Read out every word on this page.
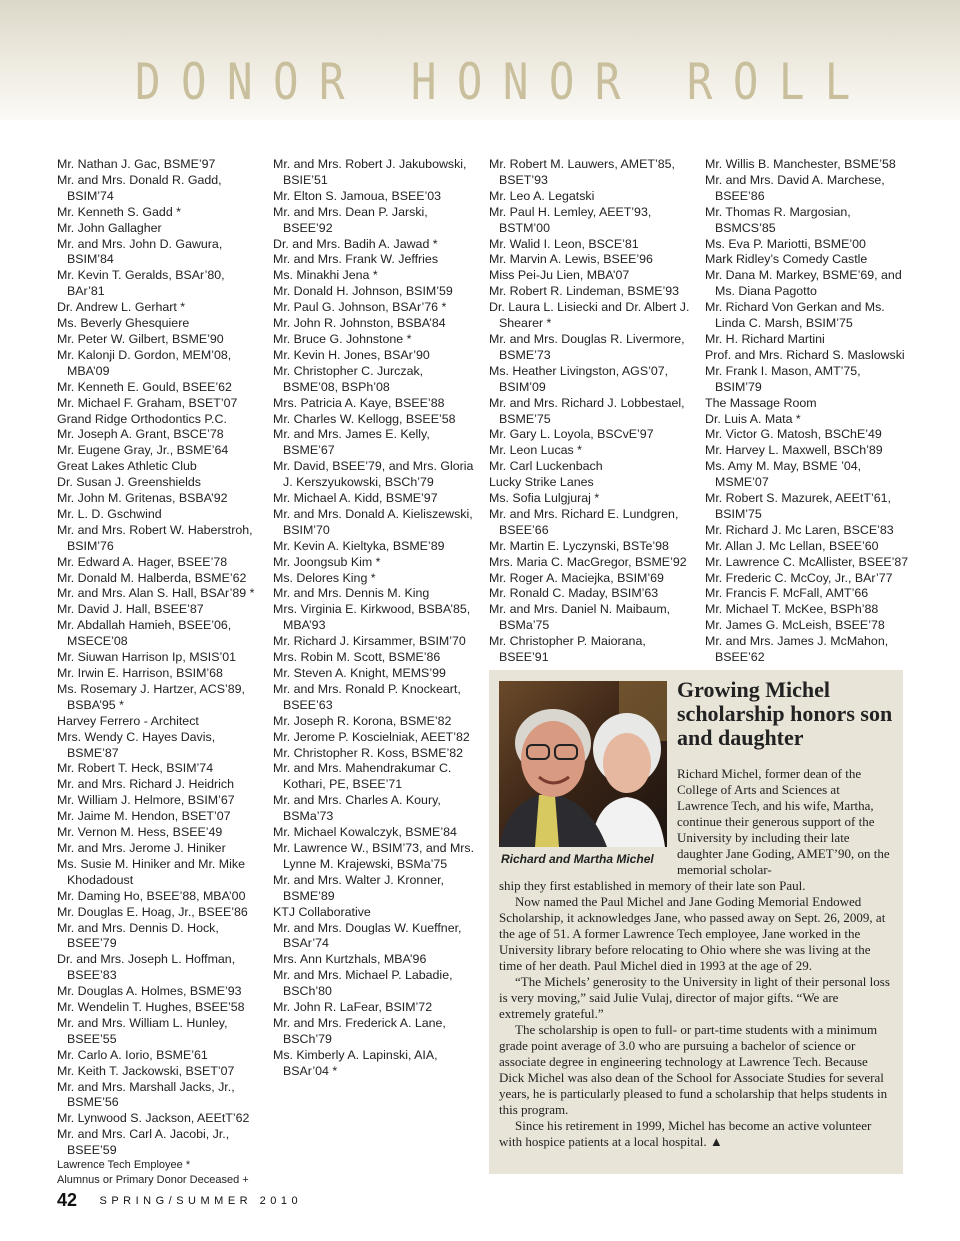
DONOR HONOR ROLL
Mr. Nathan J. Gac, BSME’97
Mr. and Mrs. Donald R. Gadd, BSIM’74
Mr. Kenneth S. Gadd *
Mr. John Gallagher
Mr. and Mrs. John D. Gawura, BSIM’84
Mr. Kevin T. Geralds, BSAr’80, BAr’81
Dr. Andrew L. Gerhart *
Ms. Beverly Ghesquiere
Mr. Peter W. Gilbert, BSME’90
Mr. Kalonji D. Gordon, MEM’08, MBA’09
Mr. Kenneth E. Gould, BSEE’62
Mr. Michael F. Graham, BSET’07
Grand Ridge Orthodontics P.C.
Mr. Joseph A. Grant, BSCE’78
Mr. Eugene Gray, Jr., BSME’64
Great Lakes Athletic Club
Dr. Susan J. Greenshields
Mr. John M. Gritenas, BSBA’92
Mr. L. D. Gschwind
Mr. and Mrs. Robert W. Haberstroh, BSIM’76
Mr. Edward A. Hager, BSEE’78
Mr. Donald M. Halberda, BSME’62
Mr. and Mrs. Alan S. Hall, BSAr’89 *
Mr. David J. Hall, BSEE’87
Mr. Abdallah Hamieh, BSEE’06, MSECE’08
Mr. Siuwan Harrison Ip, MSIS’01
Mr. Irwin E. Harrison, BSIM’68
Ms. Rosemary J. Hartzer, ACS’89, BSBA’95 *
Harvey Ferrero - Architect
Mrs. Wendy C. Hayes Davis, BSME’87
Mr. Robert T. Heck, BSIM’74
Mr. and Mrs. Richard J. Heidrich
Mr. William J. Helmore, BSIM’67
Mr. Jaime M. Hendon, BSET’07
Mr. Vernon M. Hess, BSEE’49
Mr. and Mrs. Jerome J. Hiniker
Ms. Susie M. Hiniker and Mr. Mike Khodadoust
Mr. Daming Ho, BSEE’88, MBA’00
Mr. Douglas E. Hoag, Jr., BSEE’86
Mr. and Mrs. Dennis D. Hock, BSEE’79
Dr. and Mrs. Joseph L. Hoffman, BSEE’83
Mr. Douglas A. Holmes, BSME’93
Mr. Wendelin T. Hughes, BSEE’58
Mr. and Mrs. William L. Hunley, BSEE’55
Mr. Carlo A. Iorio, BSME’61
Mr. Keith T. Jackowski, BSET’07
Mr. and Mrs. Marshall Jacks, Jr., BSME’56
Mr. Lynwood S. Jackson, AEEtT’62
Mr. and Mrs. Carl A. Jacobi, Jr., BSEE’59
Mr. and Mrs. Robert J. Jakubowski, BSIE’51
Mr. Elton S. Jamoua, BSEE’03
Mr. and Mrs. Dean P. Jarski, BSEE’92
Dr. and Mrs. Badih A. Jawad *
Mr. and Mrs. Frank W. Jeffries
Ms. Minakhi Jena *
Mr. Donald H. Johnson, BSIM’59
Mr. Paul G. Johnson, BSAr’76 *
Mr. John R. Johnston, BSBA’84
Mr. Bruce G. Johnstone *
Mr. Kevin H. Jones, BSAr’90
Mr. Christopher C. Jurczak, BSME’08, BSPh’08
Mrs. Patricia A. Kaye, BSEE’88
Mr. Charles W. Kellogg, BSEE’58
Mr. and Mrs. James E. Kelly, BSME’67
Mr. David, BSEE’79, and Mrs. Gloria J. Kerszyukowski, BSCh’79
Mr. Michael A. Kidd, BSME’97
Mr. and Mrs. Donald A. Kieliszewski, BSIM’70
Mr. Kevin A. Kieltyka, BSME’89
Mr. Joongsub Kim *
Ms. Delores King *
Mr. and Mrs. Dennis M. King
Mrs. Virginia E. Kirkwood, BSBA’85, MBA’93
Mr. Richard J. Kirsammer, BSIM’70
Mrs. Robin M. Scott, BSME’86
Mr. Steven A. Knight, MEMS’99
Mr. and Mrs. Ronald P. Knockeart, BSEE’63
Mr. Joseph R. Korona, BSME’82
Mr. Jerome P. Koscielniak, AEET’82
Mr. Christopher R. Koss, BSME’82
Mr. and Mrs. Mahendrakumar C. Kothari, PE, BSEE’71
Mr. and Mrs. Charles A. Koury, BSMa’73
Mr. Michael Kowalczyk, BSME’84
Mr. Lawrence W., BSIM’73, and Mrs. Lynne M. Krajewski, BSMa’75
Mr. and Mrs. Walter J. Kronner, BSME’89
KTJ Collaborative
Mr. and Mrs. Douglas W. Kueffner, BSAr’74
Mrs. Ann Kurtzhals, MBA’96
Mr. and Mrs. Michael P. Labadie, BSCh’80
Mr. John R. LaFear, BSIM’72
Mr. and Mrs. Frederick A. Lane, BSCh’79
Ms. Kimberly A. Lapinski, AIA, BSAr’04 *
Mr. Robert M. Lauwers, AMET’85, BSET’93
Mr. Leo A. Legatski
Mr. Paul H. Lemley, AEET’93, BSTM’00
Mr. Walid I. Leon, BSCE’81
Mr. Marvin A. Lewis, BSEE’96
Miss Pei-Ju Lien, MBA’07
Mr. Robert R. Lindeman, BSME’93
Dr. Laura L. Lisiecki and Dr. Albert J. Shearer *
Mr. and Mrs. Douglas R. Livermore, BSME’73
Ms. Heather Livingston, AGS’07, BSIM’09
Mr. and Mrs. Richard J. Lobbestael, BSME’75
Mr. Gary L. Loyola, BSCvE’97
Mr. Leon Lucas *
Mr. Carl Luckenbach
Lucky Strike Lanes
Ms. Sofia Lulgjuraj *
Mr. and Mrs. Richard E. Lundgren, BSEE’66
Mr. Martin E. Lyczynski, BSTe’98
Mrs. Maria C. MacGregor, BSME’92
Mr. Roger A. Maciejka, BSIM’69
Mr. Ronald C. Maday, BSIM’63
Mr. and Mrs. Daniel N. Maibaum, BSMa’75
Mr. Christopher P. Maiorana, BSEE’91
Mr. Willis B. Manchester, BSME’58
Mr. and Mrs. David A. Marchese, BSEE’86
Mr. Thomas R. Margosian, BSMCS’85
Ms. Eva P. Mariotti, BSME’00
Mark Ridley’s Comedy Castle
Mr. Dana M. Markey, BSME’69, and Ms. Diana Pagotto
Mr. Richard Von Gerkan and Ms. Linda C. Marsh, BSIM’75
Mr. H. Richard Martini
Prof. and Mrs. Richard S. Maslowski
Mr. Frank I. Mason, AMT’75, BSIM’79
The Massage Room
Dr. Luis A. Mata *
Mr. Victor G. Matosh, BSChE’49
Mr. Harvey L. Maxwell, BSCh’89
Ms. Amy M. May, BSME ’04, MSME’07
Mr. Robert S. Mazurek, AEEtT’61, BSIM’75
Mr. Richard J. Mc Laren, BSCE’83
Mr. Allan J. Mc Lellan, BSEE’60
Mr. Lawrence C. McAllister, BSEE’87
Mr. Frederic C. McCoy, Jr., BAr’77
Mr. Francis F. McFall, AMT’66
Mr. Michael T. McKee, BSPh’88
Mr. James G. McLeish, BSEE’78
Mr. and Mrs. James J. McMahon, BSEE’62
Lawrence Tech Employee *
Alumnus or Primary Donor Deceased +
42 SPRING/SUMMER 2010
Richard and Martha Michel
Growing Michel scholarship honors son and daughter

Richard Michel, former dean of the College of Arts and Sciences at Lawrence Tech, and his wife, Martha, continue their generous support of the University by including their late daughter Jane Goding, AMET’90, on the memorial scholar-

ship they first established in memory of their late son Paul.

Now named the Paul Michel and Jane Goding Memorial Endowed Scholarship, it acknowledges Jane, who passed away on Sept. 26, 2009, at the age of 51. A former Lawrence Tech employee, Jane worked in the University library before relocating to Ohio where she was living at the time of her death. Paul Michel died in 1993 at the age of 29.

“The Michels’ generosity to the University in light of their personal loss is very moving,” said Julie Vulaj, director of major gifts. “We are extremely grateful.”

The scholarship is open to full- or part-time students with a minimum grade point average of 3.0 who are pursuing a bachelor of science or associate degree in engineering technology at Lawrence Tech. Because Dick Michel was also dean of the School for Associate Studies for several years, he is particularly pleased to fund a scholarship that helps students in this program.

Since his retirement in 1999, Michel has become an active volunteer with hospice patients at a local hospital. ▲
